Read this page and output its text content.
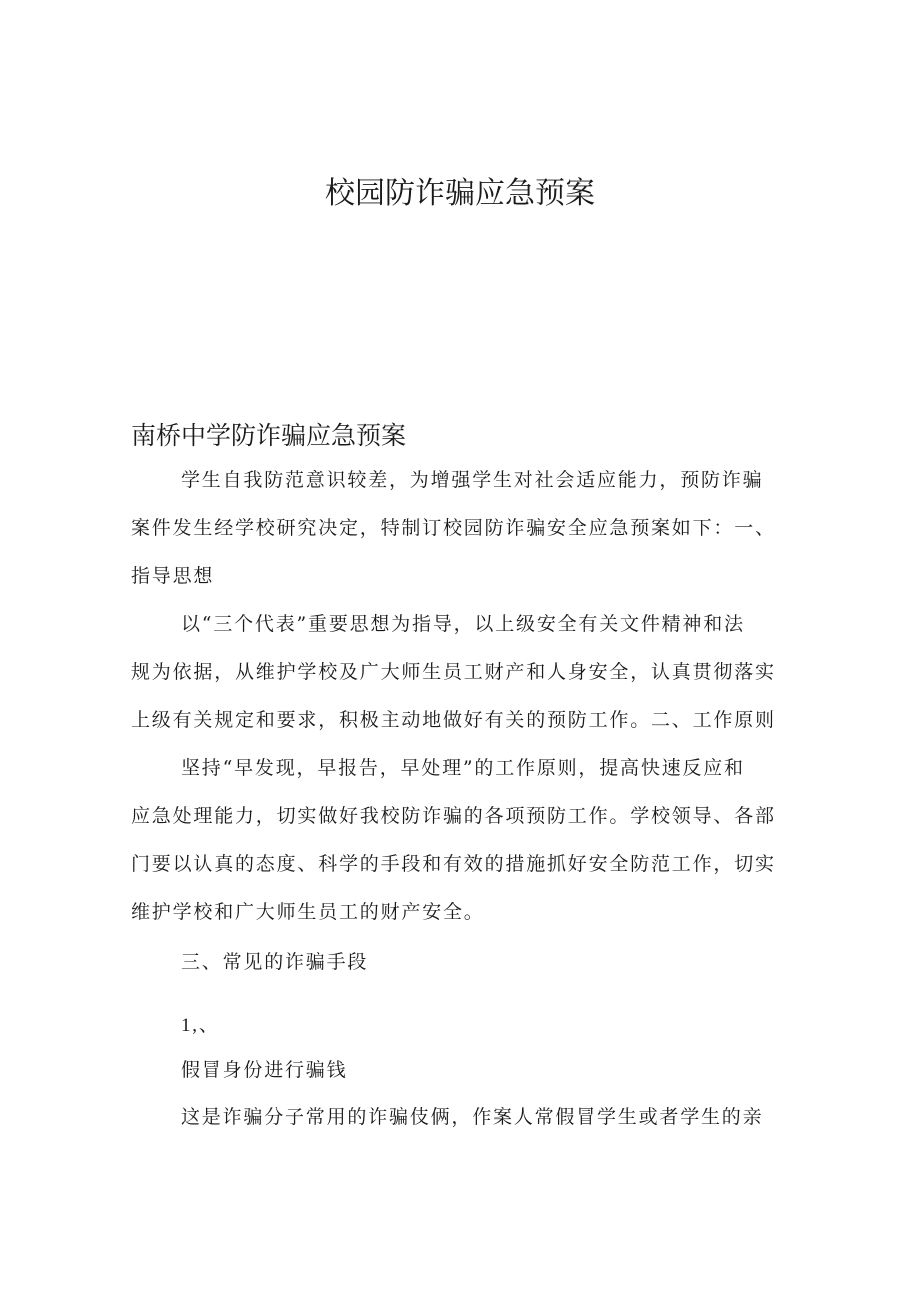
校园防诈骗应急预案
南桥中学防诈骗应急预案

学生自我防范意识较差，为增强学生对社会适应能力，预防诈骗
案件发生经学校研究决定，特制订校园防诈骗安全应急预案如下：一、
指导思想

以“三个代表”重要思想为指导，以上级安全有关文件精神和法
规为依据，从维护学校及广大师生员工财产和人身安全，认真贯彻落实
上级有关规定和要求，积极主动地做好有关的预防工作。二、工作原则

坚持“早发现，早报告，早处理”的工作原则，提高快速反应和
应急处理能力，切实做好我校防诈骗的各项预防工作。学校领导、各部
门要以认真的态度、科学的手段和有效的措施抓好安全防范工作，切实
维护学校和广大师生员工的财产安全。

三、常见的诈骗手段

1,、

假冒身份进行骗钱

这是诈骗分子常用的诈骗伎俩，作案人常假冒学生或者学生的亲
